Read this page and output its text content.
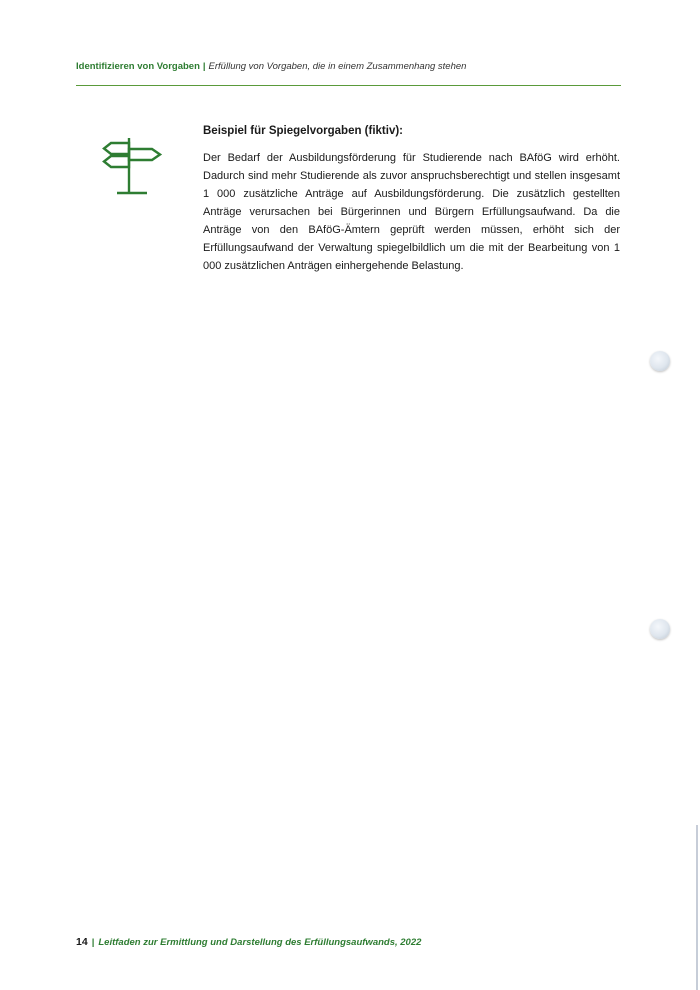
Identifizieren von Vorgaben | Erfüllung von Vorgaben, die in einem Zusammenhang stehen
Beispiel für Spiegelvorgaben (fiktiv):
Der Bedarf der Ausbildungsförderung für Studierende nach BAföG wird erhöht. Dadurch sind mehr Studierende als zuvor anspruchsberechtigt und stellen insgesamt 1 000 zusätzliche Anträge auf Ausbildungsförderung. Die zusätzlich gestellten Anträge verursachen bei Bürgerinnen und Bürgern Erfüllungsaufwand. Da die Anträge von den BAföG-Ämtern geprüft werden müssen, erhöht sich der Erfüllungsaufwand der Verwaltung spiegelbildlich um die mit der Bearbeitung von 1 000 zusätzlichen Anträgen einhergehende Belastung.
14 | Leitfaden zur Ermittlung und Darstellung des Erfüllungsaufwands, 2022
